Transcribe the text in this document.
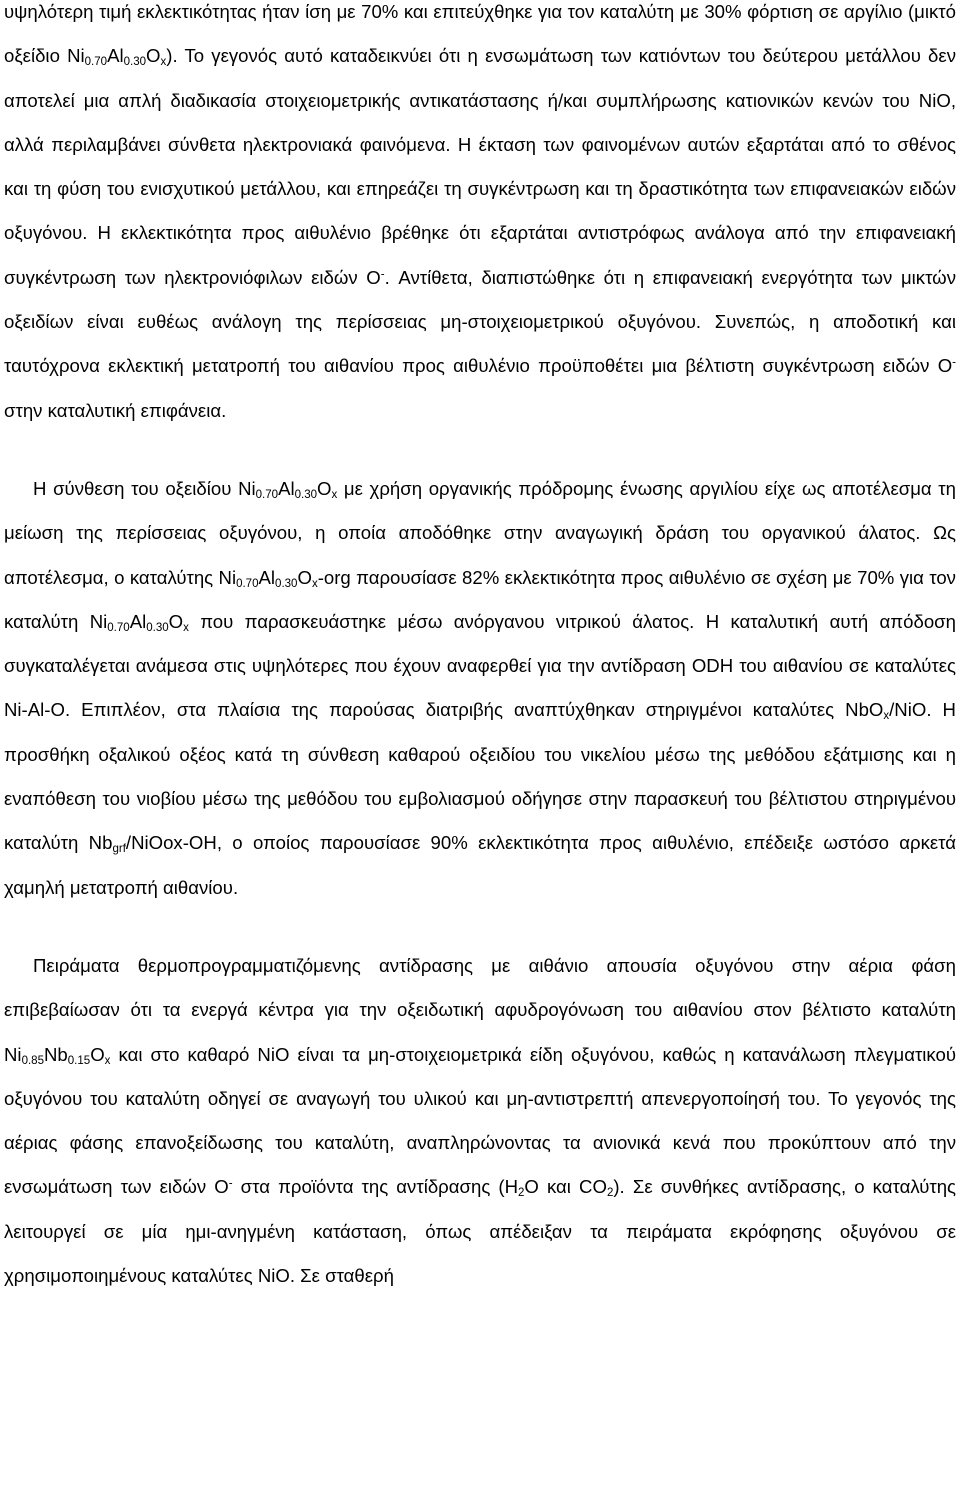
υψηλότερη τιμή εκλεκτικότητας ήταν ίση με 70% και επιτεύχθηκε για τον καταλύτη με 30% φόρτιση σε αργίλιο (μικτό οξείδιο $Ni_{0.70}Al_{0.30}O_x$). Το γεγονός αυτό καταδεικνύει ότι η ενσωμάτωση των κατιόντων του δεύτερου μετάλλου δεν αποτελεί μια απλή διαδικασία στοιχειομετρικής αντικατάστασης ή/και συμπλήρωσης κατιονικών κενών του NiO, αλλά περιλαμβάνει σύνθετα ηλεκτρονιακά φαινόμενα. Η έκταση των φαινομένων αυτών εξαρτάται από το σθένος και τη φύση του ενισχυτικού μετάλλου, και επηρεάζει τη συγκέντρωση και τη δραστικότητα των επιφανειακών ειδών οξυγόνου. Η εκλεκτικότητα προς αιθυλένιο βρέθηκε ότι εξαρτάται αντιστρόφως ανάλογα από την επιφανειακή συγκέντρωση των ηλεκτρονιόφιλων ειδών O-. Αντίθετα, διαπιστώθηκε ότι η επιφανειακή ενεργότητα των μικτών οξειδίων είναι ευθέως ανάλογη της περίσσειας μη-στοιχειομετρικού οξυγόνου. Συνεπώς, η αποδοτική και ταυτόχρονα εκλεκτική μετατροπή του αιθανίου προς αιθυλένιο προϋποθέτει μια βέλτιστη συγκέντρωση ειδών O- στην καταλυτική επιφάνεια.

Η σύνθεση του οξειδίου $Ni_{0.70}Al_{0.30}O_x$ με χρήση οργανικής πρόδρομης ένωσης αργιλίου είχε ως αποτέλεσμα τη μείωση της περίσσειας οξυγόνου, η οποία αποδόθηκε στην αναγωγική δράση του οργανικού άλατος. Ως αποτέλεσμα, ο καταλύτης $Ni_{0.70}Al_{0.30}O_x$-org παρουσίασε 82% εκλεκτικότητα προς αιθυλένιο σε σχέση με 70% για τον καταλύτη $Ni_{0.70}Al_{0.30}O_x$ που παρασκευάστηκε μέσω ανόργανου νιτρικού άλατος. Η καταλυτική αυτή απόδοση συγκαταλέγεται ανάμεσα στις υψηλότερες που έχουν αναφερθεί για την αντίδραση ODH του αιθανίου σε καταλύτες Ni-Al-O. Επιπλέον, στα πλαίσια της παρούσας διατριβής αναπτύχθηκαν στηριγμένοι καταλύτες NbO$_x$/NiO. Η προσθήκη οξαλικού οξέος κατά τη σύνθεση καθαρού οξειδίου του νικελίου μέσω της μεθόδου εξάτμισης και η εναπόθεση του νιοβίου μέσω της μεθόδου του εμβολιασμού οδήγησε στην παρασκευή του βέλτιστου στηριγμένου καταλύτη $Nb_{grf}/NiOox-OH$, ο οποίος παρουσίασε 90% εκλεκτικότητα προς αιθυλένιο, επέδειξε ωστόσο αρκετά χαμηλή μετατροπή αιθανίου.

Πειράματα θερμοπρογραμματιζόμενης αντίδρασης με αιθάνιο απουσία οξυγόνου στην αέρια φάση επιβεβαίωσαν ότι τα ενεργά κέντρα για την οξειδωτική αφυδρογόνωση του αιθανίου στον βέλτιστο καταλύτη $Ni_{0.85}Nb_{0.15}O_x$ και στο καθαρό NiO είναι τα μη-στοιχειομετρικά είδη οξυγόνου, καθώς η κατανάλωση πλεγματικού οξυγόνου του καταλύτη οδηγεί σε αναγωγή του υλικού και μη-αντιστρεπτή απενεργοποίησή του. Το γεγονός της αέριας φάσης επανοξείδωσης του καταλύτη, αναπληρώνοντας τα ανιονικά κενά που προκύπτουν από την ενσωμάτωση των ειδών O- στα προϊόντα της αντίδρασης ($H_2O$ και $CO_2$). Σε συνθήκες αντίδρασης, ο καταλύτης λειτουργεί σε μία ημι-ανηγμένη κατάσταση, όπως απέδειξαν τα πειράματα εκρόφησης οξυγόνου σε χρησιμοποιημένους καταλύτες NiO. Σε σταθερή
